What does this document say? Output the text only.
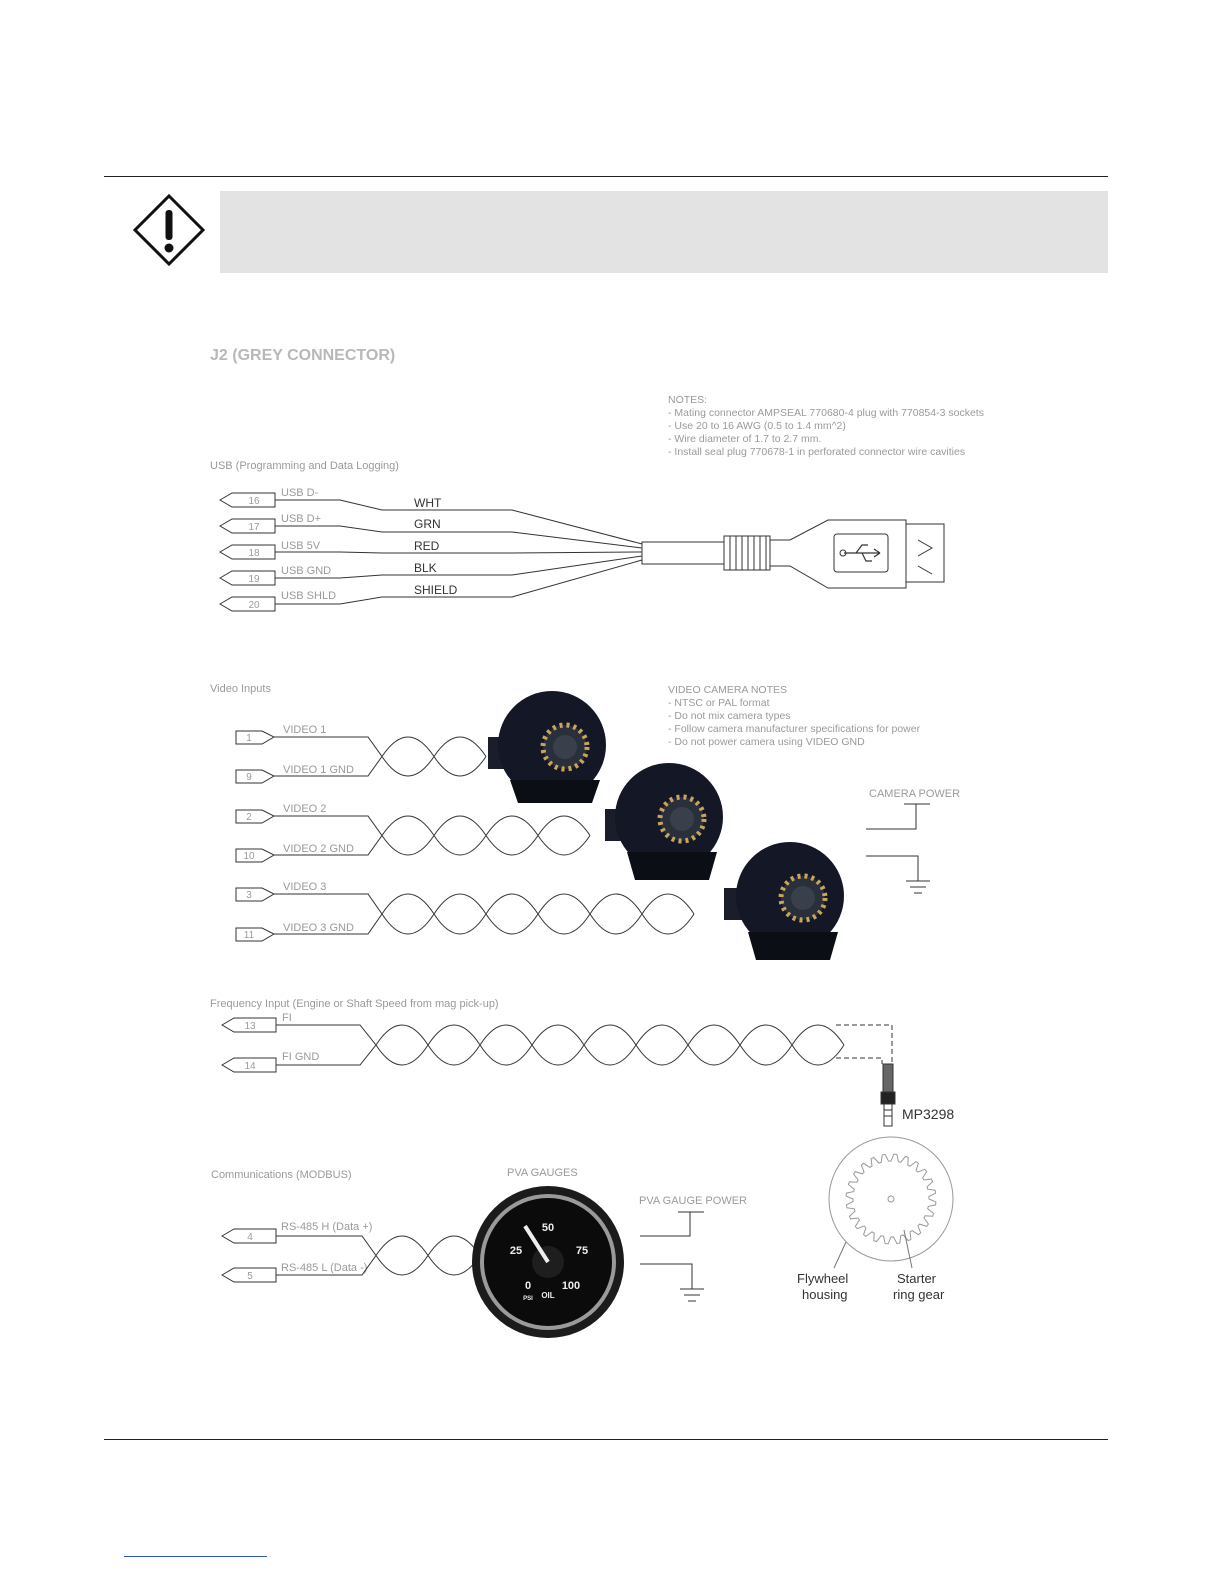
J2 (GREY CONNECTOR)
NOTES:
- Mating connector AMPSEAL 770680-4 plug with 770854-3 sockets
- Use 20 to 16 AWG (0.5 to 1.4 mm^2)
- Wire diameter of 1.7 to 2.7 mm.
- Install seal plug 770678-1 in perforated connector wire cavities
USB (Programming and Data Logging)
Video Inputs
Frequency Input (Engine or Shaft Speed from mag pick-up)
Communications (MODBUS)
USB D-
USB D+
USB 5V
USB GND
USB SHLD
WHT
GRN
RED
BLK
SHIELD
VIDEO 1
VIDEO 1 GND
VIDEO 2
VIDEO 2 GND
VIDEO 3
VIDEO 3 GND
VIDEO CAMERA NOTES
- NTSC or PAL format
- Do not mix camera types
- Follow camera manufacturer specifications for power
- Do not power camera using VIDEO GND
CAMERA POWER
FI
FI GND
MP3298
Flywheel
housing
Starter
ring gear
RS-485 H (Data +)
RS-485 L (Data -)
PVA GAUGES
PVA GAUGE POWER
16
17
18
19
20
1
9
2
10
3
11
13
14
4
5
0
25
50
75
100
PSI OIL
